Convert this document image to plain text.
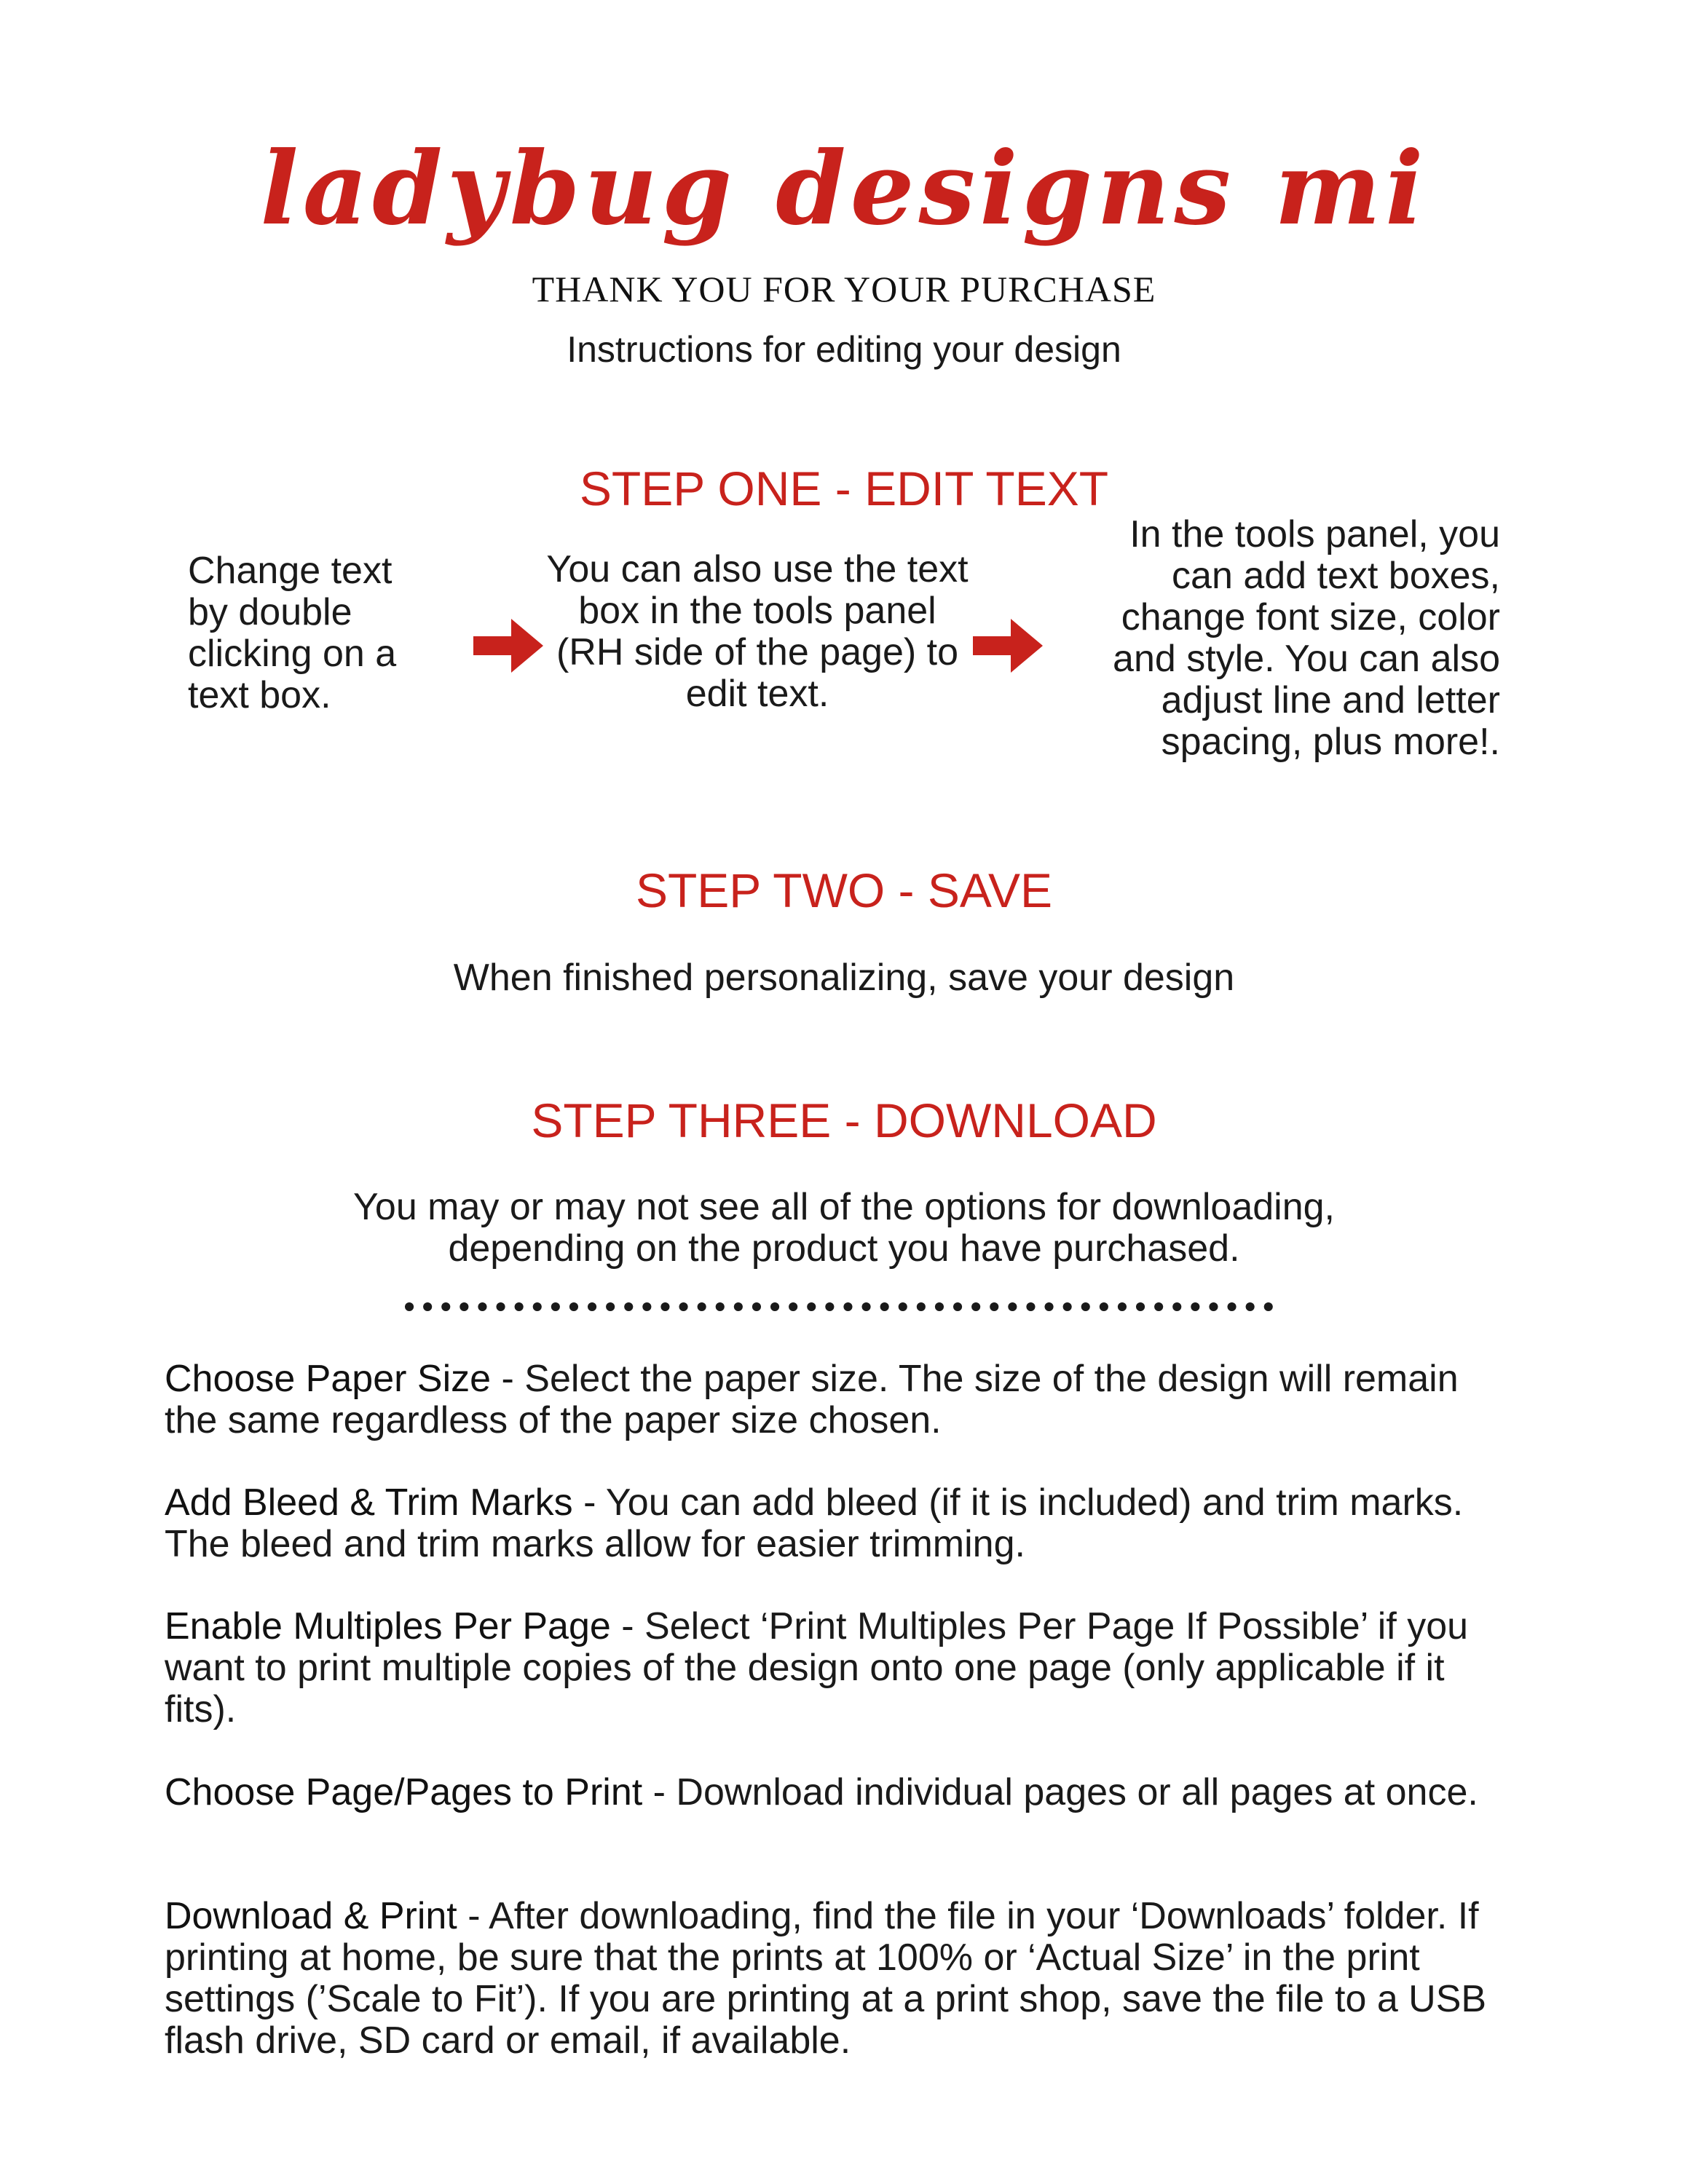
ladybug designs mi
THANK YOU FOR YOUR PURCHASE
Instructions for editing your design
STEP ONE - EDIT TEXT
Change text by double clicking on a text box.
You can also use the text box in the tools panel (RH side of the page) to edit text.
In the tools panel, you can add text boxes, change font size, color and style. You can also adjust line and letter spacing, plus more!.
STEP TWO - SAVE
When finished personalizing, save your design
STEP THREE - DOWNLOAD
You may or may not see all of the options for downloading,
depending on the product you have purchased.
Choose Paper Size - Select the paper size. The size of the design will remain the same regardless of the paper size chosen.
Add Bleed & Trim Marks - You can add bleed (if it is included) and trim marks. The bleed and trim marks allow for easier trimming.
Enable Multiples Per Page - Select ‘Print Multiples Per Page If Possible’ if you want to print multiple copies of the design onto one page (only applicable if it fits).
Choose Page/Pages to Print - Download individual pages or all pages at once.
Download & Print - After downloading, find the file in your ‘Downloads’ folder. If printing at home, be sure that the prints at 100% or ‘Actual Size’ in the print settings (’Scale to Fit’). If you are printing at a print shop, save the file to a USB flash drive, SD card or email, if available.
